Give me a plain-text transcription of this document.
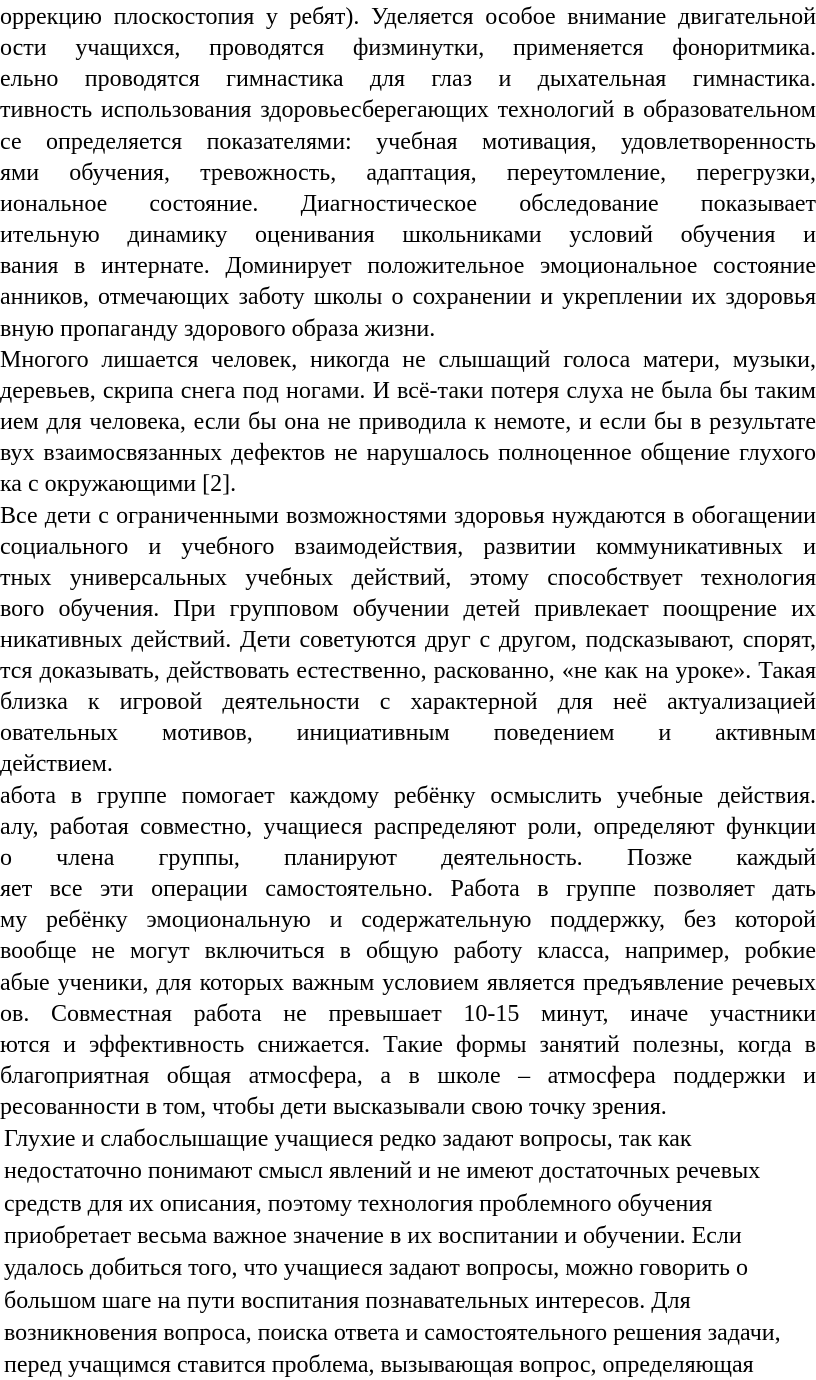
оррекцию плоскостопия у ребят). Уделяется особое внимание двигательной
ости учащихся, проводятся физминутки, применяется фоноритмика.
ельно проводятся гимнастика для глаз и дыхательная гимнастика.
тивность использования здоровьесберегающих технологий в образовательном
се определяется показателями: учебная мотивация, удовлетворенность
ями обучения, тревожность, адаптация, переутомление, перегрузки,
иональное состояние. Диагностическое обследование показывает
ительную динамику оценивания школьниками условий обучения и
вания в интернате. Доминирует положительное эмоциональное состояние
анников, отмечающих заботу школы о сохранении и укреплении их здоровья
вную пропаганду здорового образа жизни.
Многого лишается человек, никогда не слышащий голоса матери, музыки,
деревьев, скрипа снега под ногами. И всё-таки потеря слуха не была бы таким
ием для человека, если бы она не приводила к немоте, и если бы в результате
вух взаимосвязанных дефектов не нарушалось полноценное общение глухого
ка с окружающими [2].
Все дети с ограниченными возможностями здоровья нуждаются в обогащении
социального и учебного взаимодействия, развитии коммуникативных и
тных универсальных учебных действий, этому способствует технология
вого обучения. При групповом обучении детей привлекает поощрение их
никативных действий. Дети советуются друг с другом, подсказывают, спорят,
тся доказывать, действовать естественно, раскованно, «не как на уроке». Такая
близка к игровой деятельности с характерной для неё актуализацией
овательных мотивов, инициативным поведением и активным
действием.
абота в группе помогает каждому ребёнку осмыслить учебные действия.
алу, работая совместно, учащиеся распределяют роли, определяют функции
о члена группы, планируют деятельность. Позже каждый
яет все эти операции самостоятельно. Работа в группе позволяет дать
му ребёнку эмоциональную и содержательную поддержку, без которой
вообще не могут включиться в общую работу класса, например, робкие
абые ученики, для которых важным условием является предъявление речевых
ов. Совместная работа не превышает 10-15 минут, иначе участники
ются и эффективность снижается. Такие формы занятий полезны, когда в
благоприятная общая атмосфера, а в школе – атмосфера поддержки и
ресованности в том, чтобы дети высказывали свою точку зрения.
Глухие и слабослышащие учащиеся редко задают вопросы, так как
недостаточно понимают смысл явлений и не имеют достаточных речевых
средств для их описания, поэтому технология проблемного обучения
приобретает весьма важное значение в их воспитании и обучении. Если
удалось добиться того, что учащиеся задают вопросы, можно говорить о
большом шаге на пути воспитания познавательных интересов. Для
возникновения вопроса, поиска ответа и самостоятельного решения задачи,
перед учащимся ставится проблема, вызывающая вопрос, определяющая
